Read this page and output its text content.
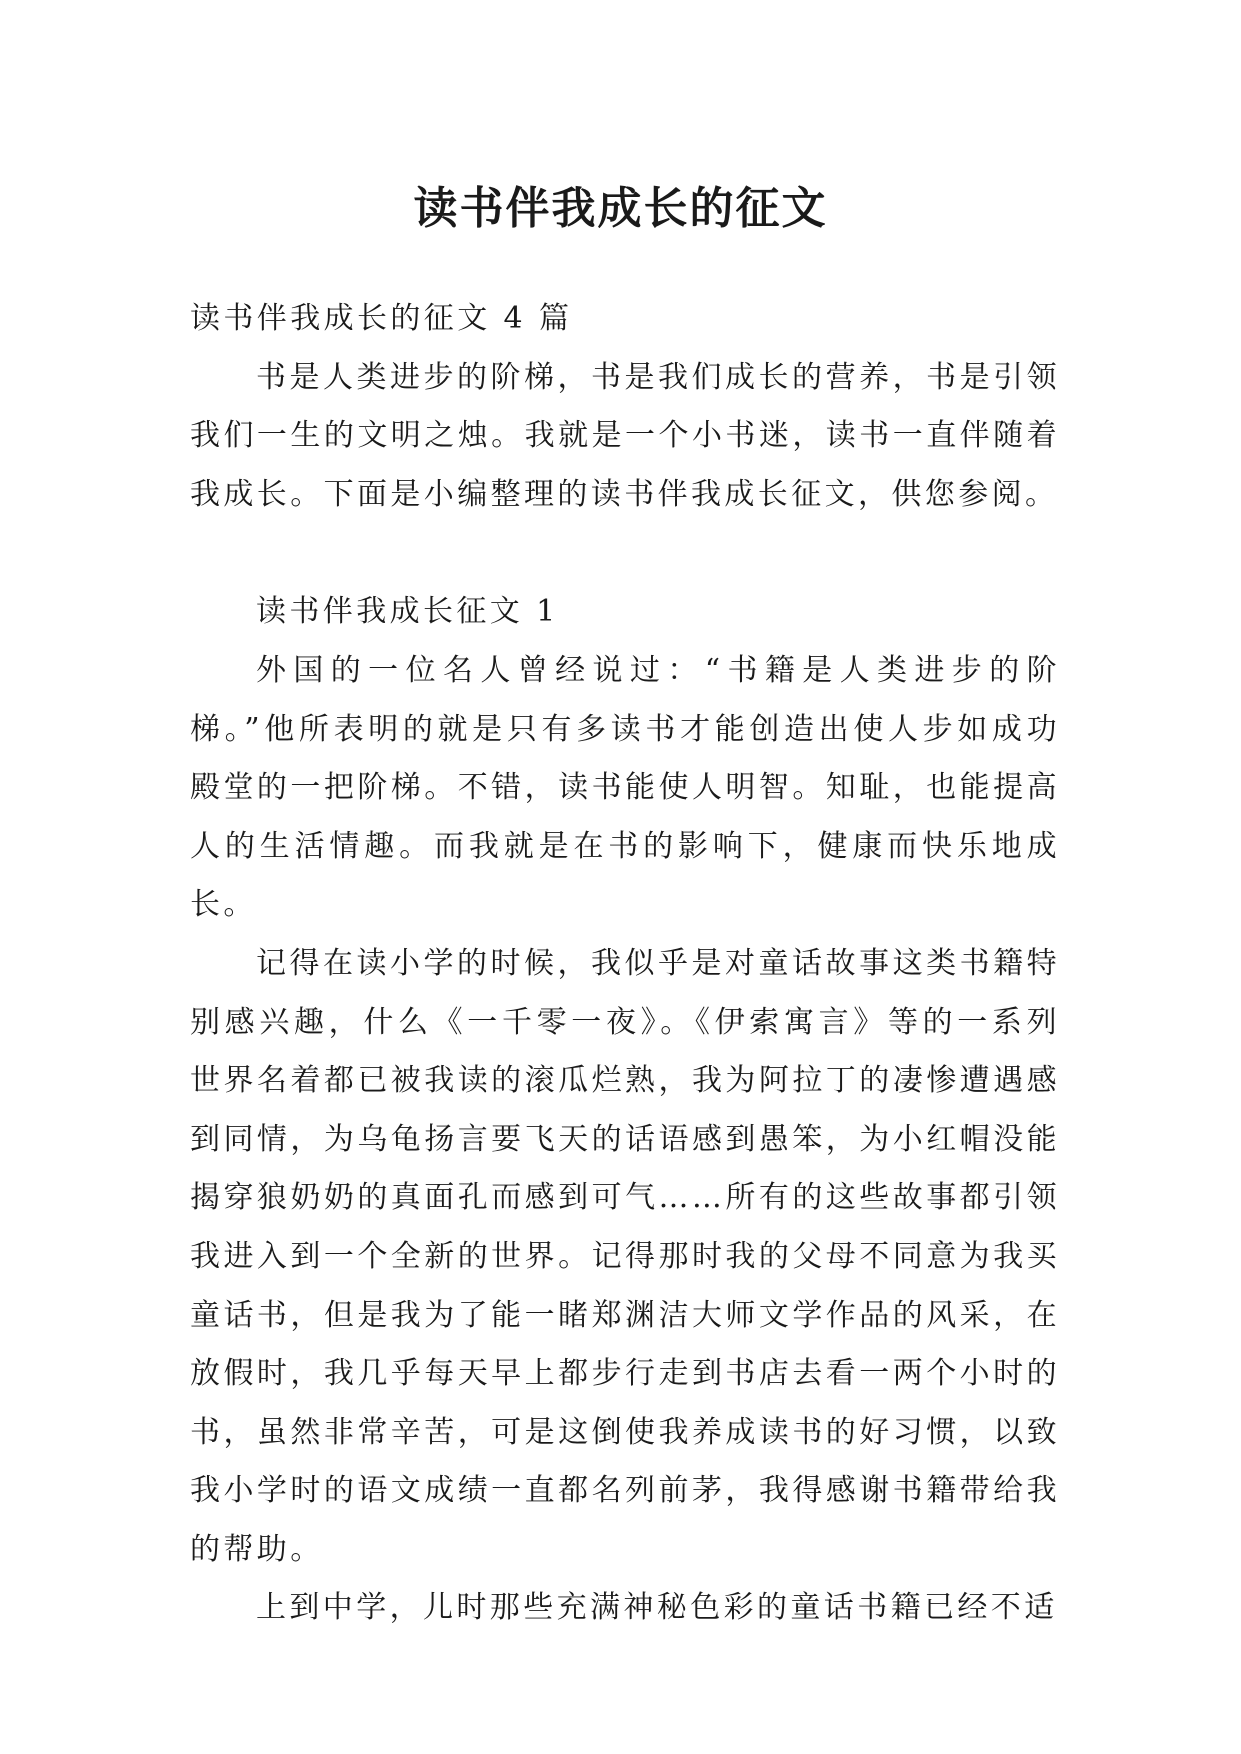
读书伴我成长的征文

读书伴我成长的征文 4 篇

书是人类进步的阶梯，书是我们成长的营养，书是引领我们一生的文明之烛。我就是一个小书迷，读书一直伴随着我成长。下面是小编整理的读书伴我成长征文，供您参阅。

读书伴我成长征文 1

外国的一位名人曾经说过：“书籍是人类进步的阶梯。”他所表明的就是只有多读书才能创造出使人步如成功殿堂的一把阶梯。不错，读书能使人明智。知耻，也能提高人的生活情趣。而我就是在书的影响下，健康而快乐地成长。

记得在读小学的时候，我似乎是对童话故事这类书籍特别感兴趣，什么《一千零一夜》。《伊索寓言》等的一系列世界名着都已被我读的滚瓜烂熟，我为阿拉丁的凄惨遭遇感到同情，为乌龟扬言要飞天的话语感到愚笨，为小红帽没能揭穿狼奶奶的真面孔而感到可气……所有的这些故事都引领我进入到一个全新的世界。记得那时我的父母不同意为我买童话书，但是我为了能一睹郑渊洁大师文学作品的风采，在放假时，我几乎每天早上都步行走到书店去看一两个小时的书，虽然非常辛苦，可是这倒使我养成读书的好习惯，以致我小学时的语文成绩一直都名列前茅，我得感谢书籍带给我的帮助。

上到中学，儿时那些充满神秘色彩的童话书籍已经不适
